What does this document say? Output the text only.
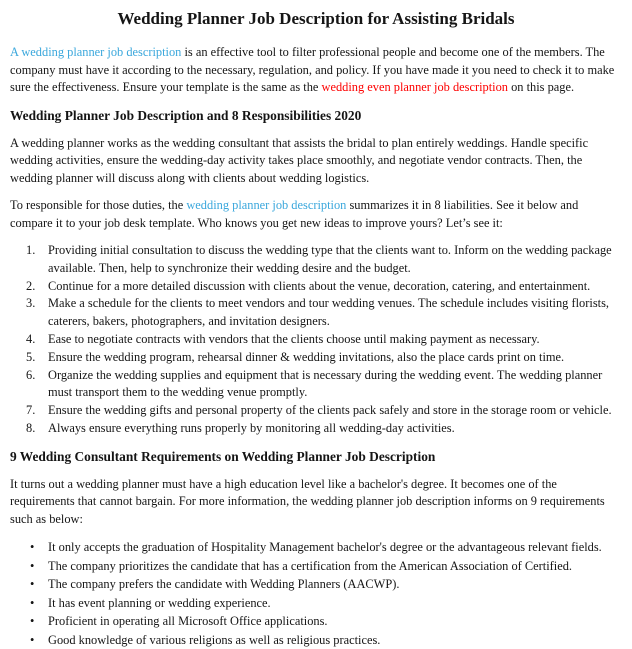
Wedding Planner Job Description for Assisting Bridals

A wedding planner job description is an effective tool to filter professional people and become one of the members. The company must have it according to the necessary, regulation, and policy. If you have made it you need to check it to make sure the effectiveness. Ensure your template is the same as the wedding even planner job description on this page.

Wedding Planner Job Description and 8 Responsibilities 2020

A wedding planner works as the wedding consultant that assists the bridal to plan entirely weddings. Handle specific wedding activities, ensure the wedding-day activity takes place smoothly, and negotiate vendor contracts. Then, the wedding planner will discuss along with clients about wedding logistics.

To responsible for those duties, the wedding planner job description summarizes it in 8 liabilities. See it below and compare it to your job desk template. Who knows you get new ideas to improve yours? Let’s see it:

Providing initial consultation to discuss the wedding type that the clients want to. Inform on the wedding package available. Then, help to synchronize their wedding desire and the budget.
Continue for a more detailed discussion with clients about the venue, decoration, catering, and entertainment.
Make a schedule for the clients to meet vendors and tour wedding venues. The schedule includes visiting florists, caterers, bakers, photographers, and invitation designers.
Ease to negotiate contracts with vendors that the clients choose until making payment as necessary.
Ensure the wedding program, rehearsal dinner & wedding invitations, also the place cards print on time.
Organize the wedding supplies and equipment that is necessary during the wedding event. The wedding planner must transport them to the wedding venue promptly.
Ensure the wedding gifts and personal property of the clients pack safely and store in the storage room or vehicle.
Always ensure everything runs properly by monitoring all wedding-day activities.
9 Wedding Consultant Requirements on Wedding Planner Job Description

It turns out a wedding planner must have a high education level like a bachelor's degree. It becomes one of the requirements that cannot bargain. For more information, the wedding planner job description informs on 9 requirements such as below:

• It only accepts the graduation of Hospitality Management bachelor's degree or the advantageous relevant fields.
• The company prioritizes the candidate that has a certification from the American Association of Certified.
• The company prefers the candidate with Wedding Planners (AACWP).
• It has event planning or wedding experience.
• Proficient in operating all Microsoft Office applications.
• Good knowledge of various religions as well as religious practices.
